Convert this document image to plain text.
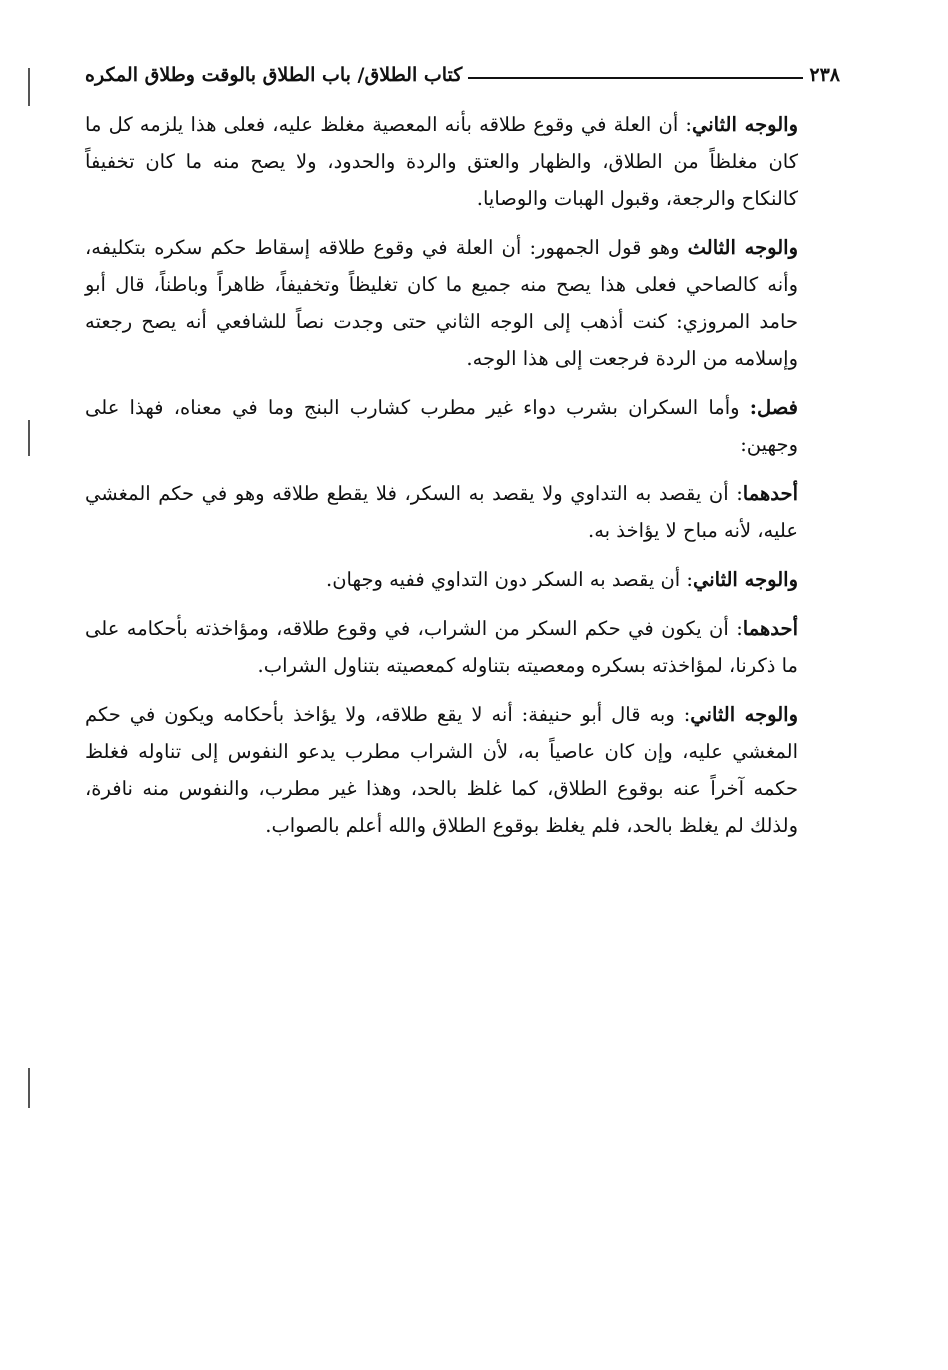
٢٣٨
كتاب الطلاق/ باب الطلاق بالوقت وطلاق المكره

والوجه الثاني: أن العلة في وقوع طلاقه بأنه المعصية مغلظ عليه، فعلى هذا يلزمه كل ما كان مغلظاً من الطلاق، والظهار والعتق والردة والحدود، ولا يصح منه ما كان تخفيفاً كالنكاح والرجعة، وقبول الهبات والوصايا.

والوجه الثالث وهو قول الجمهور: أن العلة في وقوع طلاقه إسقاط حكم سكره بتكليفه، وأنه كالصاحي فعلى هذا يصح منه جميع ما كان تغليظاً وتخفيفاً، ظاهراً وباطناً، قال أبو حامد المروزي: كنت أذهب إلى الوجه الثاني حتى وجدت نصاً للشافعي أنه يصح رجعته وإسلامه من الردة فرجعت إلى هذا الوجه.

فصل: وأما السكران بشرب دواء غير مطرب كشارب البنج وما في معناه، فهذا على وجهين:

أحدهما: أن يقصد به التداوي ولا يقصد به السكر، فلا يقطع طلاقه وهو في حكم المغشي عليه، لأنه مباح لا يؤاخذ به.

والوجه الثاني: أن يقصد به السكر دون التداوي ففيه وجهان.

أحدهما: أن يكون في حكم السكر من الشراب، في وقوع طلاقه، ومؤاخذته بأحكامه على ما ذكرنا، لمؤاخذته بسكره ومعصيته بتناوله كمعصيته بتناول الشراب.

والوجه الثاني: وبه قال أبو حنيفة: أنه لا يقع طلاقه، ولا يؤاخذ بأحكامه ويكون في حكم المغشي عليه، وإن كان عاصياً به، لأن الشراب مطرب يدعو النفوس إلى تناوله فغلظ حكمه آخراً عنه بوقوع الطلاق، كما غلظ بالحد، وهذا غير مطرب، والنفوس منه نافرة، ولذلك لم يغلظ بالحد، فلم يغلظ بوقوع الطلاق والله أعلم بالصواب.
